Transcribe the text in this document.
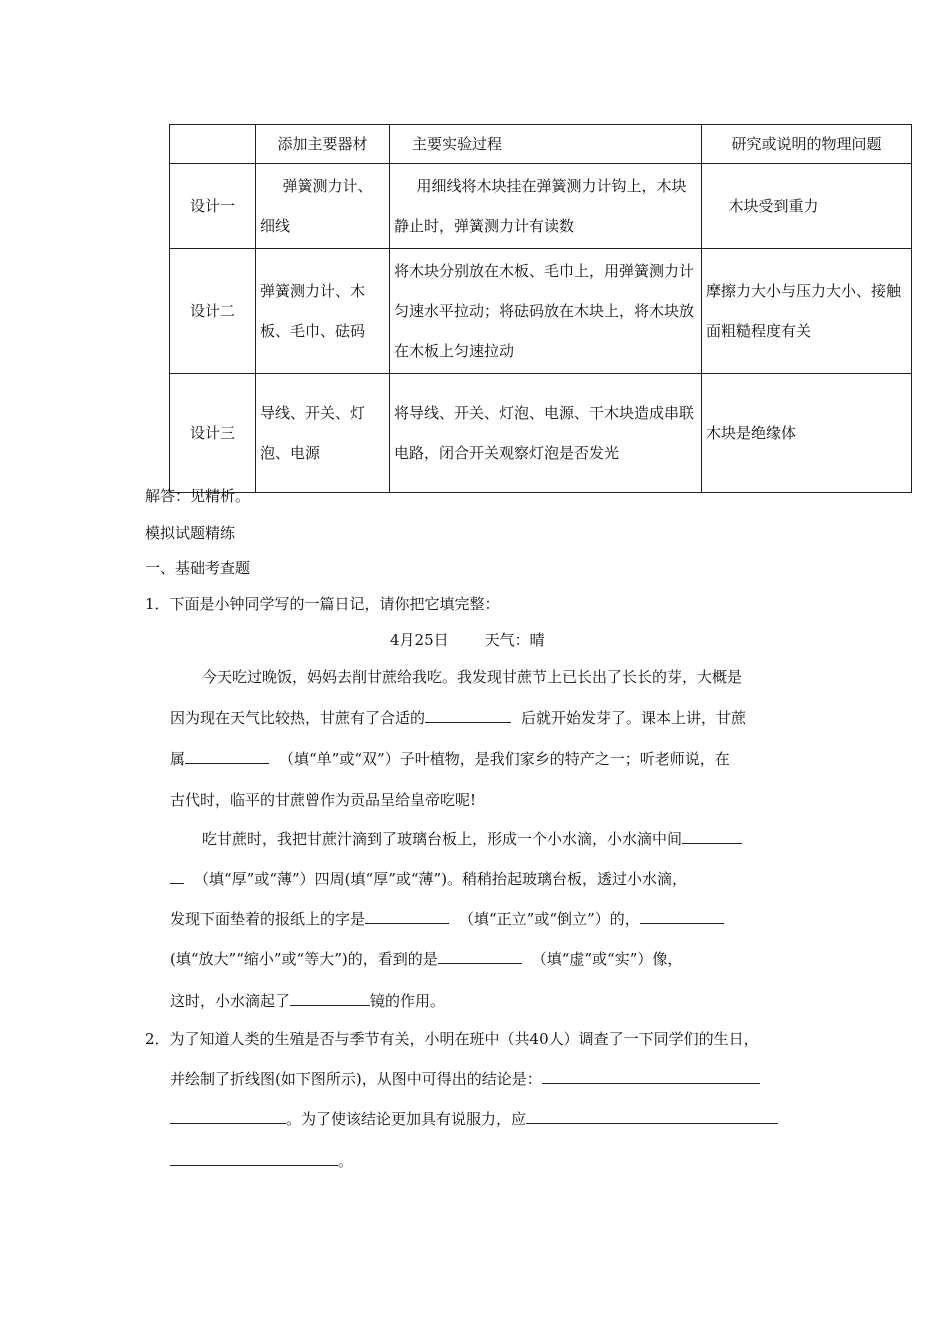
	添加主要器材	主要实验过程	研究或说明的物理问题
设计一	弹簧测力计、细线	用细线将木块挂在弹簧测力计钩上，木块静止时，弹簧测力计有读数	木块受到重力
设计二	弹簧测力计、木板、毛巾、砝码	将木块分别放在木板、毛巾上，用弹簧测力计匀速水平拉动；将砝码放在木块上，将木块放在木板上匀速拉动	摩擦力大小与压力大小、接触面粗糙程度有关
设计三	导线、开关、灯泡、电源	将导线、开关、灯泡、电源、干木块造成串联电路，闭合开关观察灯泡是否发光	木块是绝缘体
解答：见精析。
模拟试题精练
一、基础考查题
1．下面是小钟同学写的一篇日记，请你把它填完整：
4月25日 天气：晴
今天吃过晚饭，妈妈去削甘蔗给我吃。我发现甘蔗节上已长出了长长的芽，大概是
因为现在天气比较热，甘蔗有了合适的	后就开始发芽了。课本上讲，甘蔗
属	（填“单”或“双”）子叶植物，是我们家乡的特产之一；听老师说，在
古代时，临平的甘蔗曾作为贡品呈给皇帝吃呢!
吃甘蔗时，我把甘蔗汁滴到了玻璃台板上，形成一个小水滴，小水滴中间
（填“厚”或“薄”）四周(填“厚”或“薄”)。稍稍抬起玻璃台板，透过小水滴，
发现下面垫着的报纸上的字是	（填“正立”或“倒立”）的，
(填“放大”“缩小”或“等大”)的，看到的是	（填“虚”或“实”）像，
这时，小水滴起了	镜的作用。
2．为了知道人类的生殖是否与季节有关，小明在班中（共40人）调查了一下同学们的生日，
并绘制了折线图(如下图所示)，从图中可得出的结论是：
。为了使该结论更加具有说服力，应
。
